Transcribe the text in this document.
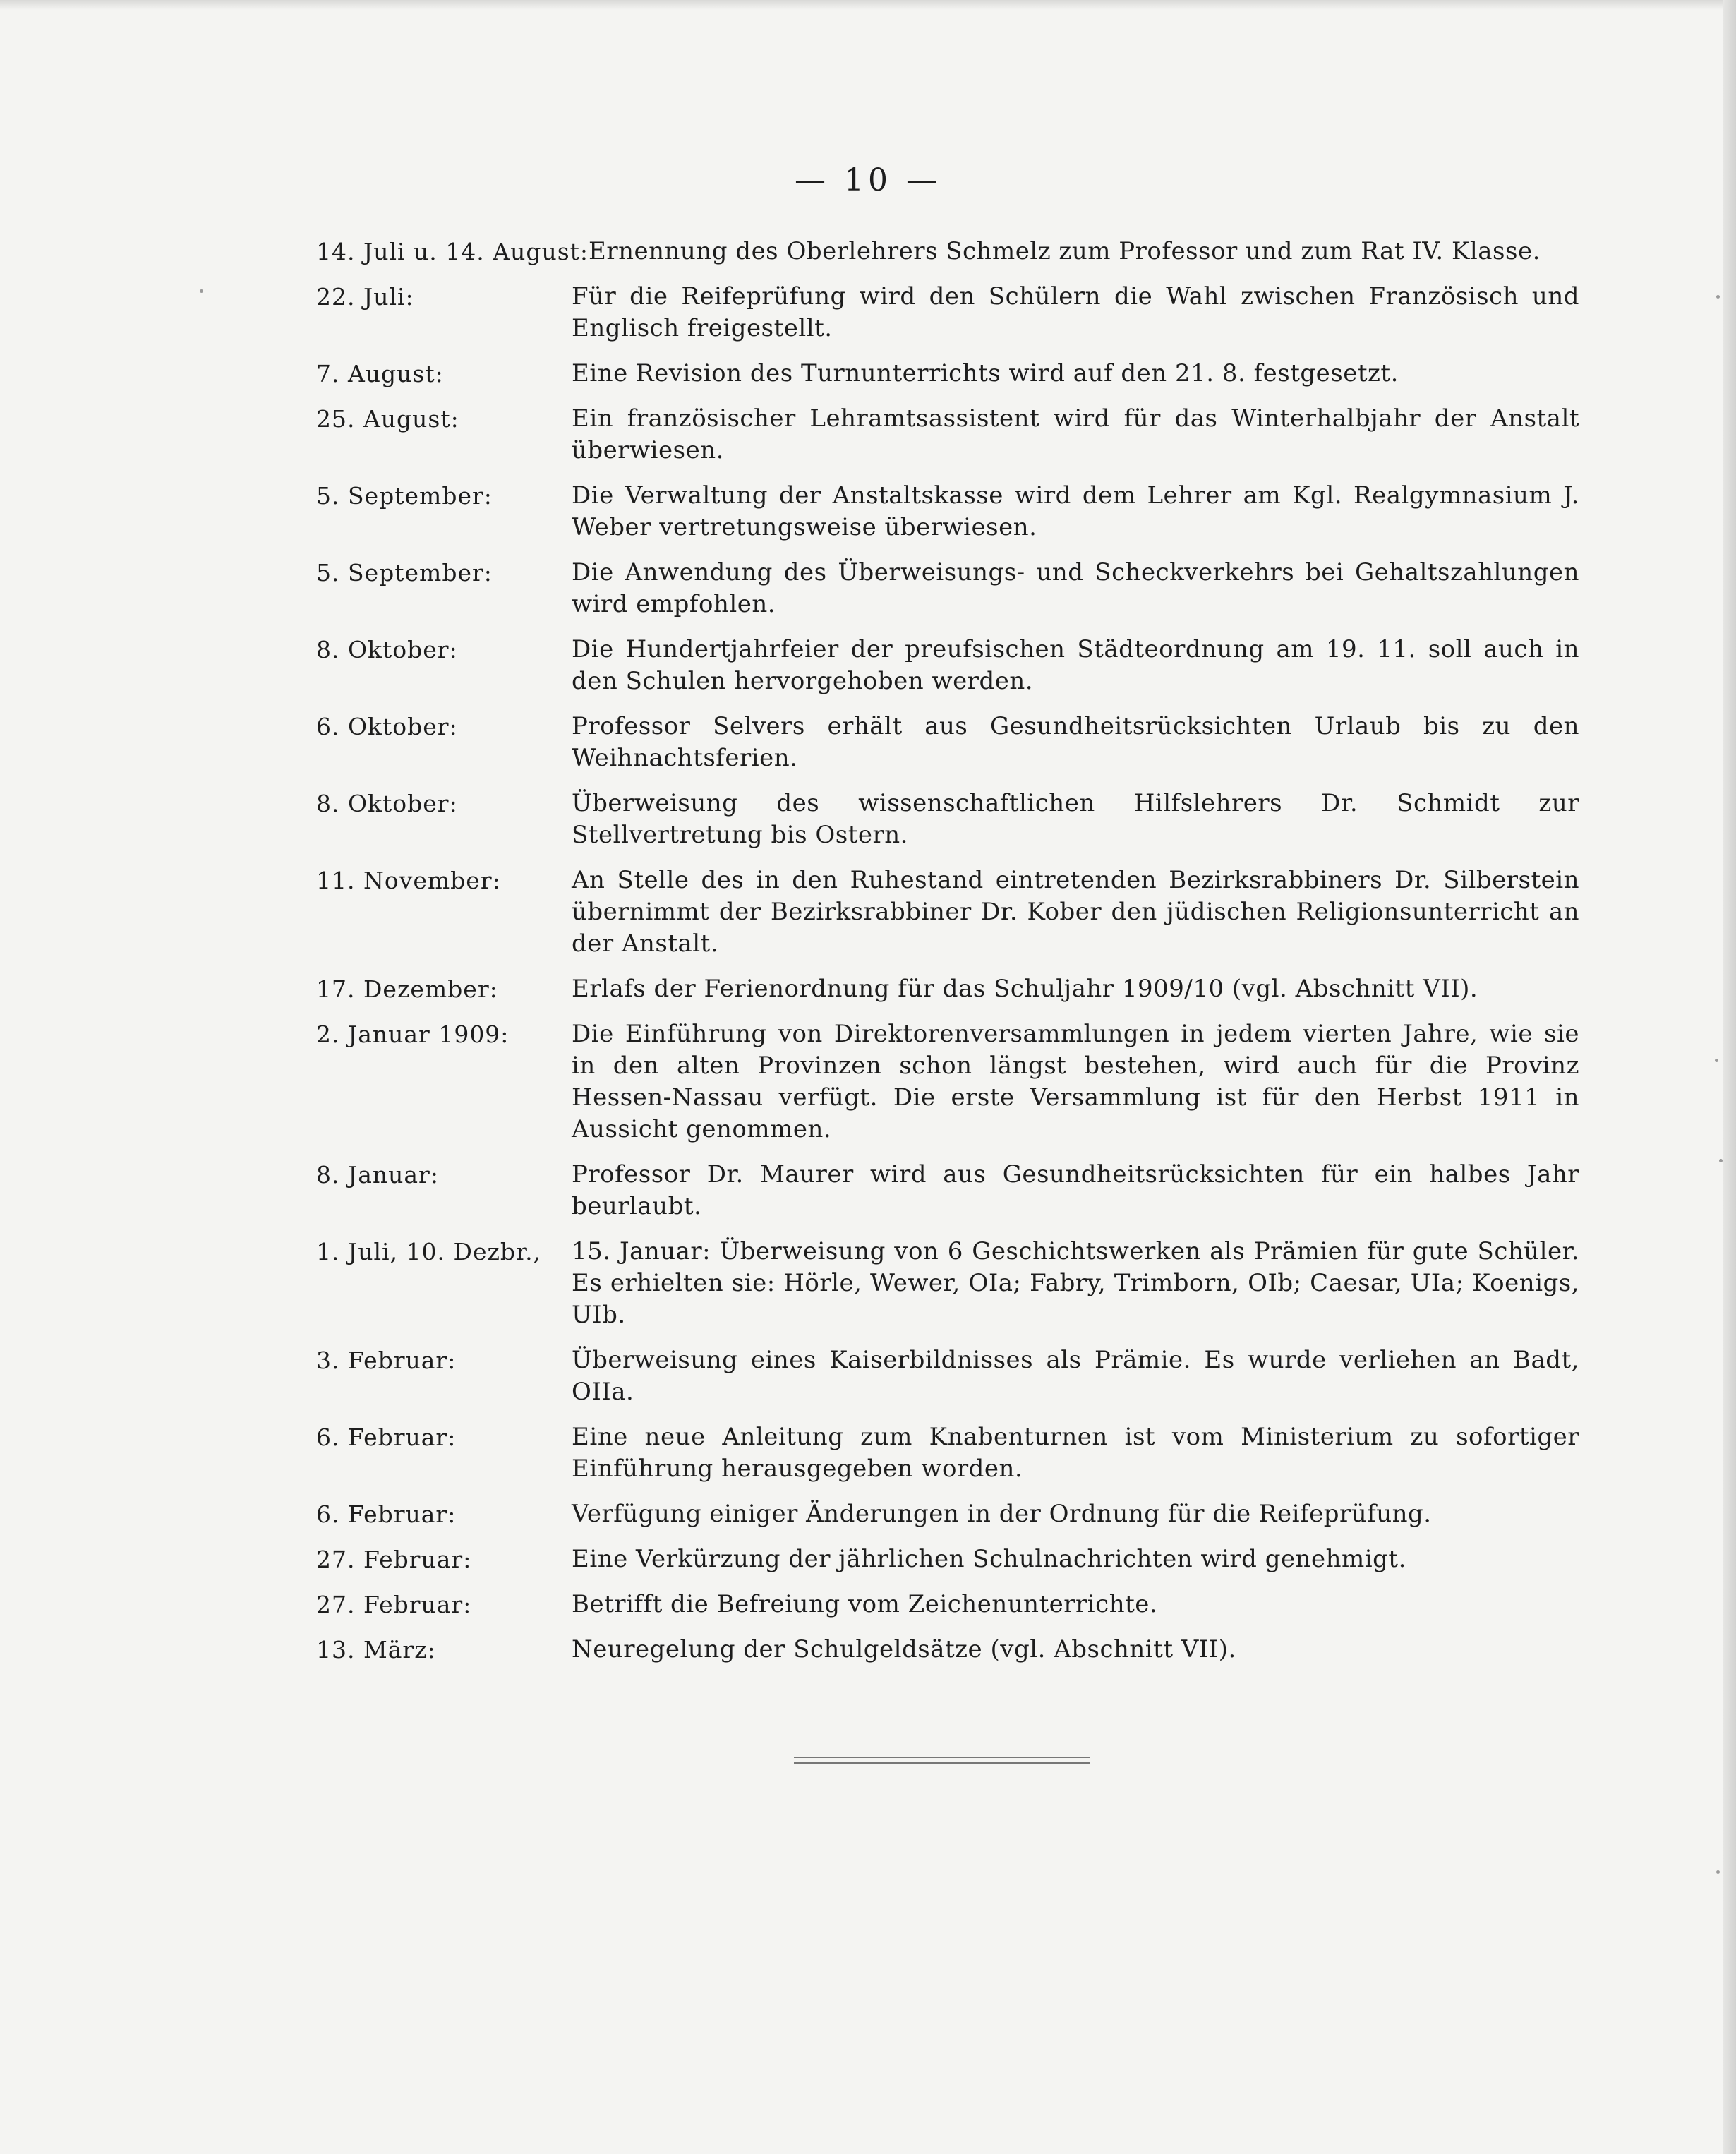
— 10 —
14. Juli u. 14. August: Ernennung des Oberlehrers Schmelz zum Professor und zum Rat IV. Klasse.
22. Juli:	Für die Reifeprüfung wird den Schülern die Wahl zwischen Französisch und Englisch freigestellt.
7. August:	Eine Revision des Turnunterrichts wird auf den 21. 8. festgesetzt.
25. August:	Ein französischer Lehramtsassistent wird für das Winterhalbjahr der Anstalt überwiesen.
5. September:	Die Verwaltung der Anstaltskasse wird dem Lehrer am Kgl. Realgymnasium J. Weber vertretungsweise überwiesen.
5. September:	Die Anwendung des Überweisungs- und Scheckverkehrs bei Gehaltszahlungen wird empfohlen.
8. Oktober:	Die Hundertjahrfeier der preufsischen Städteordnung am 19. 11. soll auch in den Schulen hervorgehoben werden.
6. Oktober:	Professor Selvers erhält aus Gesundheitsrücksichten Urlaub bis zu den Weihnachtsferien.
8. Oktober:	Überweisung des wissenschaftlichen Hilfslehrers Dr. Schmidt zur Stellvertretung bis Ostern.
11. November:	An Stelle des in den Ruhestand eintretenden Bezirksrabbiners Dr. Silberstein übernimmt der Bezirksrabbiner Dr. Kober den jüdischen Religionsunterricht an der Anstalt.
17. Dezember:	Erlafs der Ferienordnung für das Schuljahr 1909/10 (vgl. Abschnitt VII).
2. Januar 1909:	Die Einführung von Direktorenversammlungen in jedem vierten Jahre, wie sie in den alten Provinzen schon längst bestehen, wird auch für die Provinz Hessen-Nassau verfügt. Die erste Versammlung ist für den Herbst 1911 in Aussicht genommen.
8. Januar:	Professor Dr. Maurer wird aus Gesundheitsrücksichten für ein halbes Jahr beurlaubt.
1. Juli, 10. Dezbr.,	15. Januar: Überweisung von 6 Geschichtswerken als Prämien für gute Schüler. Es erhielten sie: Hörle, Wewer, OIa; Fabry, Trimborn, OIb; Caesar, UIa; Koenigs, UIb.
3. Februar:	Überweisung eines Kaiserbildnisses als Prämie. Es wurde verliehen an Badt, OIIa.
6. Februar:	Eine neue Anleitung zum Knabenturnen ist vom Ministerium zu sofortiger Einführung herausgegeben worden.
6. Februar:	Verfügung einiger Änderungen in der Ordnung für die Reifeprüfung.
27. Februar:	Eine Verkürzung der jährlichen Schulnachrichten wird genehmigt.
27. Februar:	Betrifft die Befreiung vom Zeichenunterrichte.
13. März:	Neuregelung der Schulgeldsätze (vgl. Abschnitt VII).
